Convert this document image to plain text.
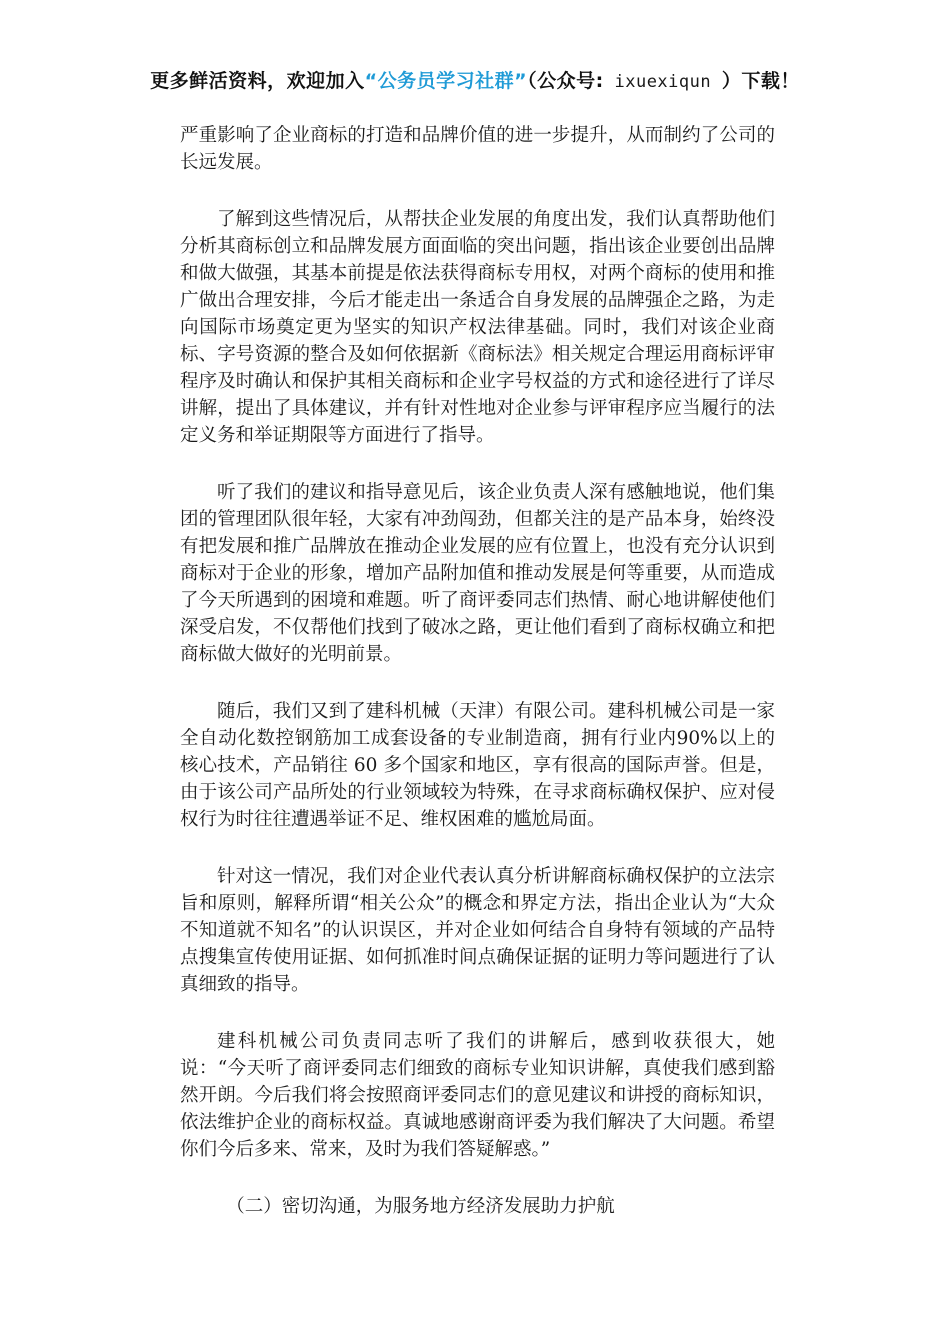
更多鲜活资料，欢迎加入“公务员学习社群”（公众号: ixuexiqun ）下载！

严重影响了企业商标的打造和品牌价值的进一步提升，从而制约了公司的长远发展。

了解到这些情况后，从帮扶企业发展的角度出发，我们认真帮助他们分析其商标创立和品牌发展方面面临的突出问题，指出该企业要创出品牌和做大做强，其基本前提是依法获得商标专用权，对两个商标的使用和推广做出合理安排，今后才能走出一条适合自身发展的品牌强企之路，为走向国际市场奠定更为坚实的知识产权法律基础。同时，我们对该企业商标、字号资源的整合及如何依据新《商标法》相关规定合理运用商标评审程序及时确认和保护其相关商标和企业字号权益的方式和途径进行了详尽讲解，提出了具体建议，并有针对性地对企业参与评审程序应当履行的法定义务和举证期限等方面进行了指导。

听了我们的建议和指导意见后，该企业负责人深有感触地说，他们集团的管理团队很年轻，大家有冲劲闯劲，但都关注的是产品本身，始终没有把发展和推广品牌放在推动企业发展的应有位置上，也没有充分认识到商标对于企业的形象，增加产品附加值和推动发展是何等重要，从而造成了今天所遇到的困境和难题。听了商评委同志们热情、耐心地讲解使他们深受启发，不仅帮他们找到了破冰之路，更让他们看到了商标权确立和把商标做大做好的光明前景。

随后，我们又到了建科机械（天津）有限公司。建科机械公司是一家全自动化数控钢筋加工成套设备的专业制造商，拥有行业内90%以上的核心技术，产品销往 60 多个国家和地区，享有很高的国际声誉。但是，由于该公司产品所处的行业领域较为特殊，在寻求商标确权保护、应对侵权行为时往往遭遇举证不足、维权困难的尴尬局面。

针对这一情况，我们对企业代表认真分析讲解商标确权保护的立法宗旨和原则，解释所谓“相关公众”的概念和界定方法，指出企业认为“大众不知道就不知名”的认识误区，并对企业如何结合自身特有领域的产品特点搜集宣传使用证据、如何抓准时间点确保证据的证明力等问题进行了认真细致的指导。

建科机械公司负责同志听了我们的讲解后，感到收获很大，她说：“今天听了商评委同志们细致的商标专业知识讲解，真使我们感到豁然开朗。今后我们将会按照商评委同志们的意见建议和讲授的商标知识，依法维护企业的商标权益。真诚地感谢商评委为我们解决了大问题。希望你们今后多来、常来，及时为我们答疑解惑。”

（二）密切沟通，为服务地方经济发展助力护航
